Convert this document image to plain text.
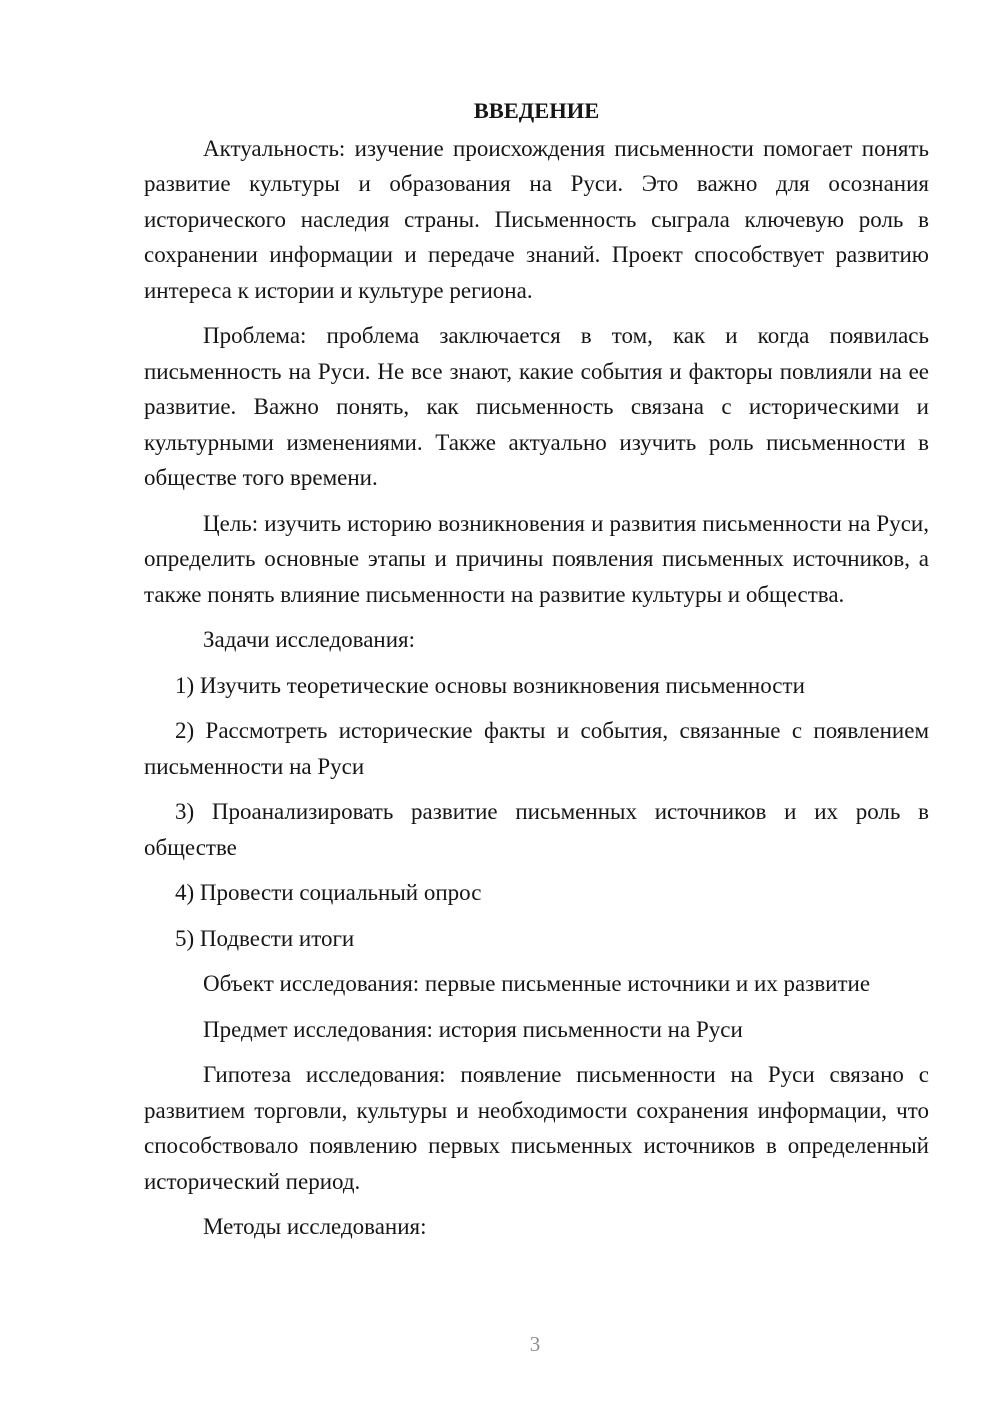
ВВЕДЕНИЕ

Актуальность: изучение происхождения письменности помогает понять развитие культуры и образования на Руси. Это важно для осознания исторического наследия страны. Письменность сыграла ключевую роль в сохранении информации и передаче знаний. Проект способствует развитию интереса к истории и культуре региона.

Проблема: проблема заключается в том, как и когда появилась письменность на Руси. Не все знают, какие события и факторы повлияли на ее развитие. Важно понять, как письменность связана с историческими и культурными изменениями. Также актуально изучить роль письменности в обществе того времени.

Цель: изучить историю возникновения и развития письменности на Руси, определить основные этапы и причины появления письменных источников, а также понять влияние письменности на развитие культуры и общества.

Задачи исследования:

1) Изучить теоретические основы возникновения письменности

2) Рассмотреть исторические факты и события, связанные с появлением письменности на Руси

3) Проанализировать развитие письменных источников и их роль в обществе

4) Провести социальный опрос

5) Подвести итоги

Объект исследования: первые письменные источники и их развитие

Предмет исследования: история письменности на Руси

Гипотеза исследования: появление письменности на Руси связано с развитием торговли, культуры и необходимости сохранения информации, что способствовало появлению первых письменных источников в определенный исторический период.

Методы исследования:

3
